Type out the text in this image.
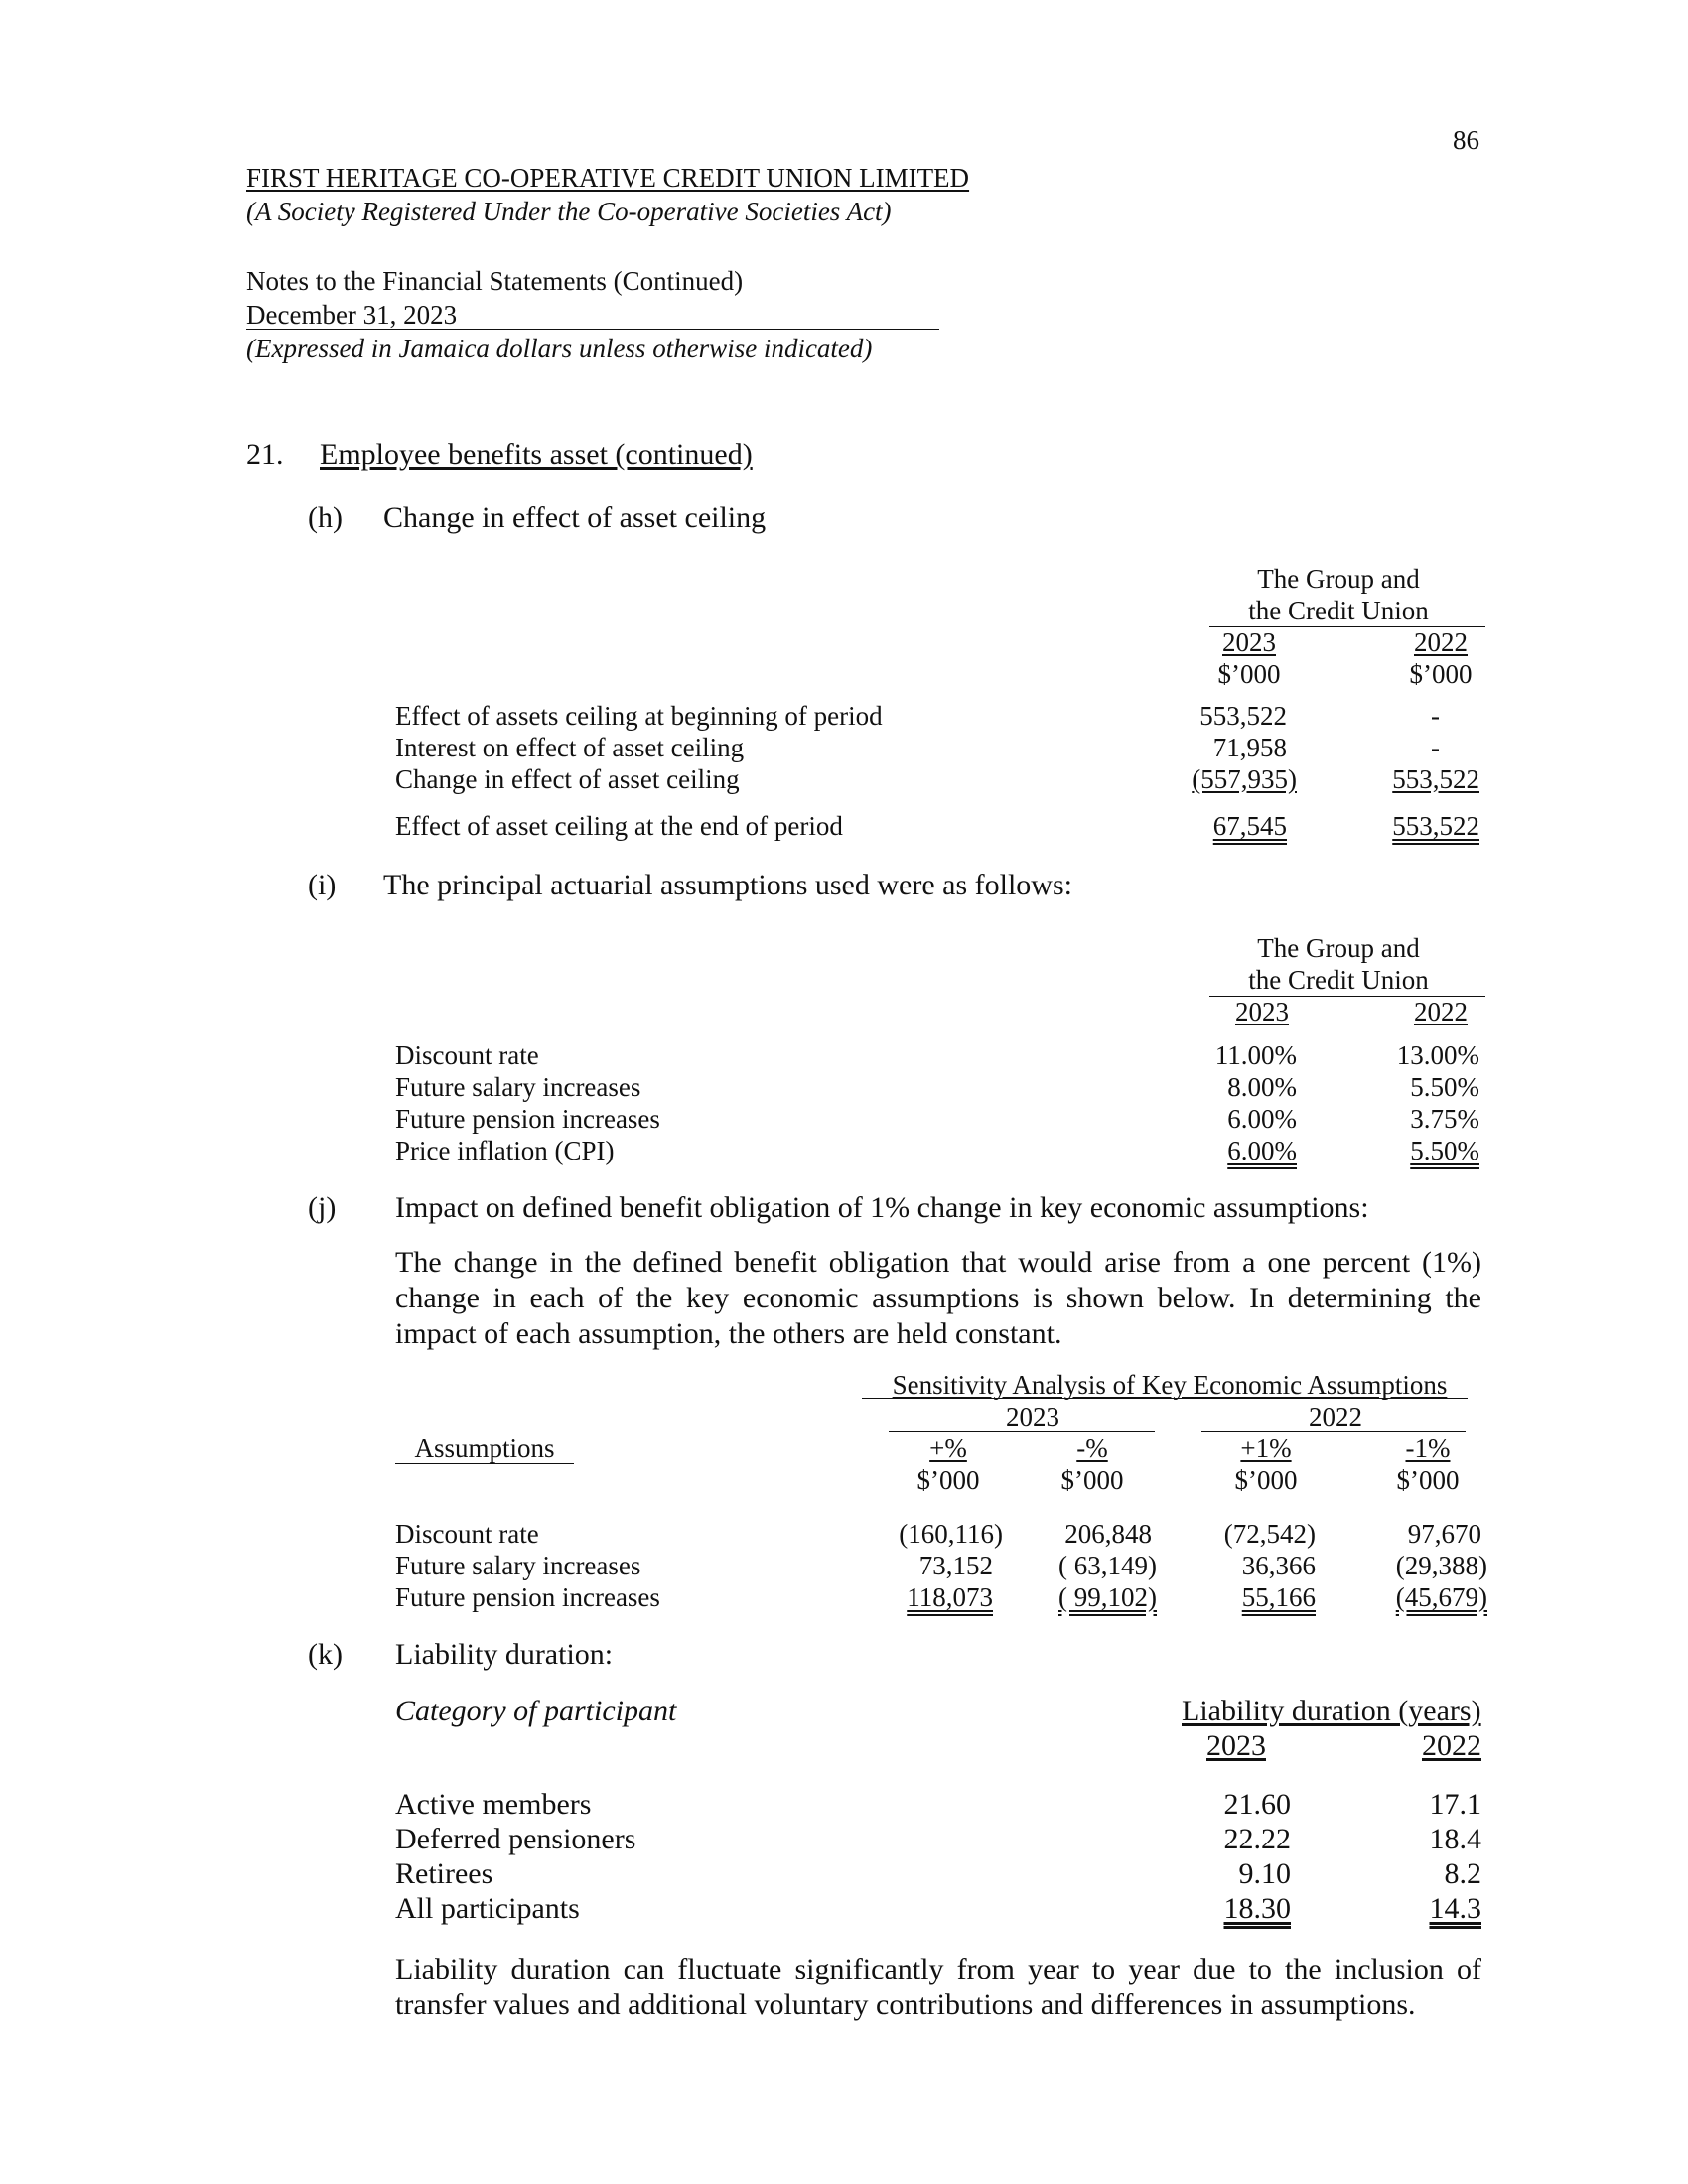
86
FIRST HERITAGE CO-OPERATIVE CREDIT UNION LIMITED
(A Society Registered Under the Co-operative Societies Act)
Notes to the Financial Statements (Continued)
December 31, 2023
(Expressed in Jamaica dollars unless otherwise indicated)
21. Employee benefits asset (continued)
(h) Change in effect of asset ceiling
The Group and
the Credit Union
2023	2022
$’000	$’000
Effect of assets ceiling at beginning of period	553,522	-
Interest on effect of asset ceiling	71,958	-
Change in effect of asset ceiling	(557,935)	553,522
Effect of asset ceiling at the end of period	67,545	553,522
(i) The principal actuarial assumptions used were as follows:
The Group and
the Credit Union
2023	2022
Discount rate	11.00%	13.00%
Future salary increases	8.00%	5.50%
Future pension increases	6.00%	3.75%
Price inflation (CPI)	6.00%	5.50%
(j) Impact on defined benefit obligation of 1% change in key economic assumptions:
The change in the defined benefit obligation that would arise from a one percent (1%) change in each of the key economic assumptions is shown below. In determining the impact of each assumption, the others are held constant.
Sensitivity Analysis of Key Economic Assumptions
2023	2022
Assumptions	+%	-%	+1%	-1%
$’000	$’000	$’000	$’000
Discount rate	(160,116)	206,848	(72,542)	97,670
Future salary increases	73,152	( 63,149)	36,366	(29,388)
Future pension increases	118,073	( 99,102)	55,166	(45,679)
(k) Liability duration:
Category of participant	Liability duration (years)
2023	2022
Active members	21.60	17.1
Deferred pensioners	22.22	18.4
Retirees	9.10	8.2
All participants	18.30	14.3
Liability duration can fluctuate significantly from year to year due to the inclusion of transfer values and additional voluntary contributions and differences in assumptions.
